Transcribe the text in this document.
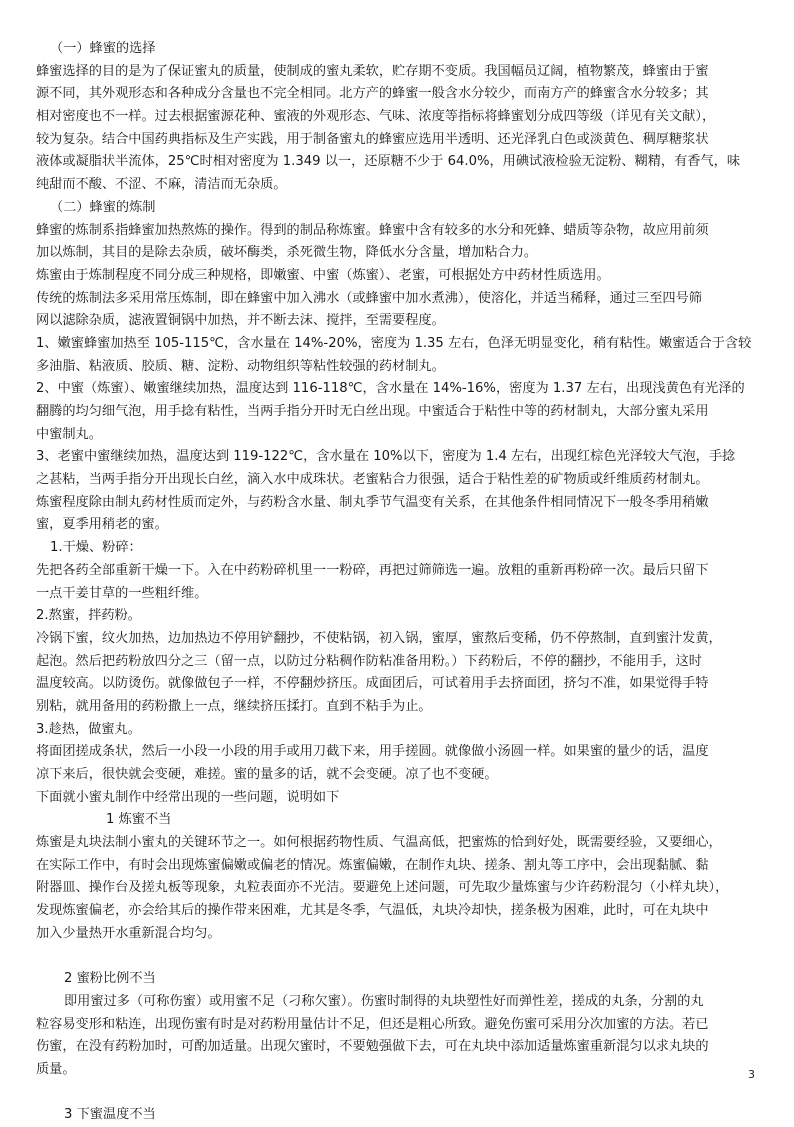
（一）蜂蜜的选择
蜂蜜选择的目的是为了保证蜜丸的质量，使制成的蜜丸柔软，贮存期不变质。我国幅员辽阔，植物繁茂，蜂蜜由于蜜
源不同，其外观形态和各种成分含量也不完全相同。北方产的蜂蜜一般含水分较少，而南方产的蜂蜜含水分较多；其
相对密度也不一样。过去根据蜜源花种、蜜液的外观形态、气味、浓度等指标将蜂蜜划分成四等级（详见有关文献），
较为复杂。结合中国药典指标及生产实践，用于制备蜜丸的蜂蜜应选用半透明、还光泽乳白色或淡黄色、稠厚糖浆状
液体或凝脂状半流体，25℃时相对密度为 1.349 以一，还原糖不少于 64.0%，用碘试液检验无淀粉、糊精，有香气，味
纯甜而不酸、不涩、不麻，清洁而无杂质。
（二）蜂蜜的炼制
蜂蜜的炼制系指蜂蜜加热熬炼的操作。得到的制品称炼蜜。蜂蜜中含有较多的水分和死蜂、蜡质等杂物，故应用前须
加以炼制，其目的是除去杂质，破坏酶类，杀死微生物，降低水分含量，增加粘合力。
炼蜜由于炼制程度不同分成三种规格，即嫩蜜、中蜜（炼蜜）、老蜜，可根据处方中药材性质选用。
传统的炼制法多采用常压炼制，即在蜂蜜中加入沸水（或蜂蜜中加水煮沸），使溶化，并适当稀释，通过三至四号筛
网以滤除杂质，滤液置铜锅中加热，并不断去沫、搅拌，至需要程度。
1、嫩蜜蜂蜜加热至 105-115℃，含水量在 14%-20%，密度为 1.35 左右，色泽无明显变化，稍有粘性。嫩蜜适合于含较
多油脂、粘液质、胶质、糖、淀粉、动物组织等粘性较强的药材制丸。
2、中蜜（炼蜜）、嫩蜜继续加热，温度达到 116-118℃，含水量在 14%-16%，密度为 1.37 左右，出现浅黄色有光泽的
翻腾的均匀细气泡，用手捻有粘性，当两手指分开时无白丝出现。中蜜适合于粘性中等的药材制丸，大部分蜜丸采用
中蜜制丸。
3、老蜜中蜜继续加热，温度达到 119-122℃，含水量在 10%以下，密度为 1.4 左右，出现红棕色光泽较大气泡，手捻
之甚粘，当两手指分开出现长白丝，滴入水中成珠状。老蜜粘合力很强，适合于粘性差的矿物质或纤维质药材制丸。
炼蜜程度除由制丸药材性质而定外，与药粉含水量、制丸季节气温变有关系，在其他条件相同情况下一般冬季用稍嫩
蜜，夏季用稍老的蜜。
1.干燥、粉碎：
先把各药全部重新干燥一下。入在中药粉碎机里一一粉碎，再把过筛筛选一遍。放粗的重新再粉碎一次。最后只留下
一点干姜甘草的一些粗纤维。
2.熬蜜，拌药粉。
冷锅下蜜，纹火加热，边加热边不停用铲翻抄，不使粘锅，初入锅，蜜厚，蜜熬后变稀，仍不停熬制，直到蜜汁发黄，
起泡。然后把药粉放四分之三（留一点，以防过分粘稠作防粘准备用粉。）下药粉后，不停的翻抄，不能用手，这时
温度较高。以防烫伤。就像做包子一样，不停翻炒挤压。成面团后，可试着用手去挤面团，挤匀不准，如果觉得手特
别粘，就用备用的药粉撒上一点，继续挤压揉打。直到不粘手为止。
3.趁热，做蜜丸。
将面团搓成条状，然后一小段一小段的用手或用刀截下来，用手搓圆。就像做小汤圆一样。如果蜜的量少的话，温度
凉下来后，很快就会变硬，难搓。蜜的量多的话，就不会变硬。凉了也不变硬。
下面就小蜜丸制作中经常出现的一些问题，说明如下
1 炼蜜不当
炼蜜是丸块法制小蜜丸的关键环节之一。如何根据药物性质、气温高低，把蜜炼的恰到好处，既需要经验，又要细心，
在实际工作中，有时会出现炼蜜偏嫩或偏老的情况。炼蜜偏嫩，在制作丸块、搓条、割丸等工序中，会出现黏腻、黏
附器皿、操作台及搓丸板等现象，丸粒表面亦不光洁。要避免上述问题，可先取少量炼蜜与少许药粉混匀（小样丸块），
发现炼蜜偏老，亦会给其后的操作带来困难，尤其是冬季，气温低，丸块冷却快，搓条极为困难，此时，可在丸块中
加入少量热开水重新混合均匀。
2 蜜粉比例不当
即用蜜过多（可称伤蜜）或用蜜不足（刁称欠蜜）。伤蜜时制得的丸块塑性好而弹性差，搓成的丸条，分割的丸
粒容易变形和粘连，出现伤蜜有时是对药粉用量估计不足，但还是粗心所致。避免伤蜜可采用分次加蜜的方法。若已
伤蜜，在没有药粉加时，可酌加适量。出现欠蜜时，不要勉强做下去，可在丸块中添加适量炼蜜重新混匀以求丸块的
质量。
3 下蜜温度不当
3
